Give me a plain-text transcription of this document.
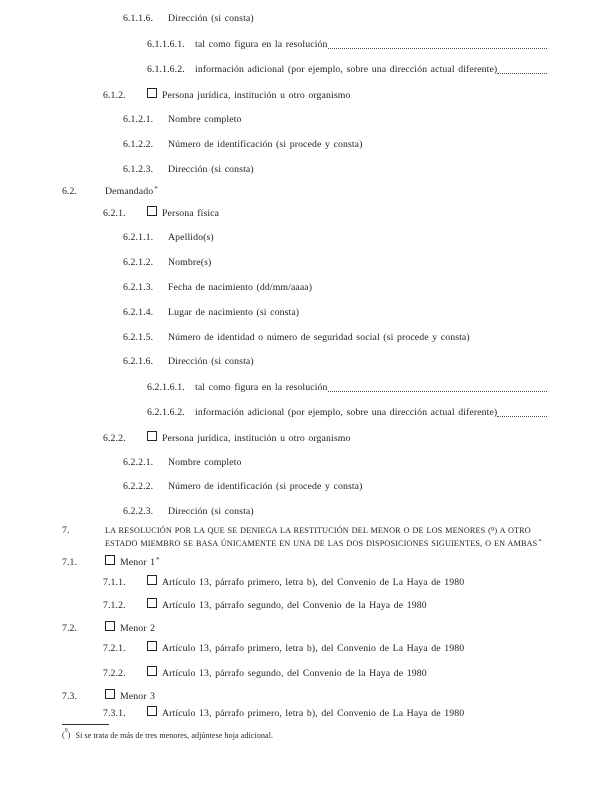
6.1.1.6.	Dirección (si consta)
6.1.1.6.1.	tal como figura en la resolución
6.1.1.6.2.	información adicional (por ejemplo, sobre una dirección actual diferente)
6.1.2.	Persona jurídica, institución u otro organismo
6.1.2.1.	Nombre completo
6.1.2.2.	Número de identificación (si procede y consta)
6.1.2.3.	Dirección (si consta)
6.2.	Demandado *
6.2.1.	Persona física
6.2.1.1.	Apellido(s)
6.2.1.2.	Nombre(s)
6.2.1.3.	Fecha de nacimiento (dd/mm/aaaa)
6.2.1.4.	Lugar de nacimiento (si consta)
6.2.1.5.	Número de identidad o número de seguridad social (si procede y consta)
6.2.1.6.	Dirección (si consta)
6.2.1.6.1.	tal como figura en la resolución
6.2.1.6.2.	información adicional (por ejemplo, sobre una dirección actual diferente)
6.2.2.	Persona jurídica, institución u otro organismo
6.2.2.1.	Nombre completo
6.2.2.2.	Número de identificación (si procede y consta)
6.2.2.3.	Dirección (si consta)
7.	LA RESOLUCIÓN POR LA QUE SE DENIEGA LA RESTITUCIÓN DEL MENOR O DE LOS MENORES ($^9$) A OTRO ESTADO MIEMBRO SE BASA ÚNICAMENTE EN UNA DE LAS DOS DISPOSICIONES SIGUIENTES, O EN AMBAS*
7.1.	Menor 1 *
7.1.1.	Artículo 13, párrafo primero, letra b), del Convenio de La Haya de 1980
7.1.2.	Artículo 13, párrafo segundo, del Convenio de la Haya de 1980
7.2.	Menor 2
7.2.1.	Artículo 13, párrafo primero, letra b), del Convenio de La Haya de 1980
7.2.2.	Artículo 13, párrafo segundo, del Convenio de la Haya de 1980
7.3.	Menor 3
7.3.1.	Artículo 13, párrafo primero, letra b), del Convenio de La Haya de 1980
($^9$) Si se trata de más de tres menores, adjúntese hoja adicional.
